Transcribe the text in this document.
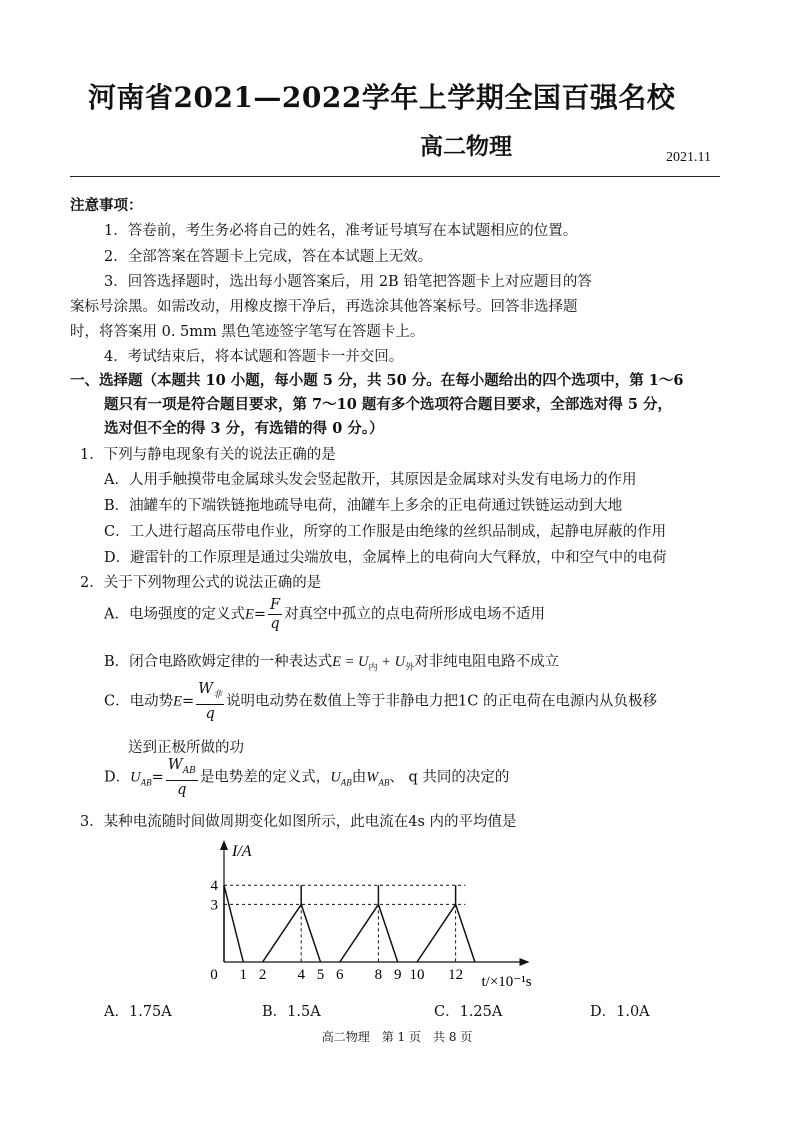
河南省2021—2022学年上学期全国百强名校
高二物理	2021.11
注意事项：
1．答卷前，考生务必将自己的姓名，准考证号填写在本试题相应的位置。
2．全部答案在答题卡上完成，答在本试题上无效。
3．回答选择题时，选出每小题答案后，用 2B 铅笔把答题卡上对应题目的答
案标号涂黑。如需改动，用橡皮擦干净后，再选涂其他答案标号。回答非选择题
时，将答案用 0. 5mm 黑色笔迹签字笔写在答题卡上。
4．考试结束后，将本试题和答题卡一并交回。
一、选择题（本题共 10 小题，每小题 5 分，共 50 分。在每小题给出的四个选项中，第 1～6
题只有一项是符合题目要求，第 7～10 题有多个选项符合题目要求，全部选对得 5 分，
选对但不全的得 3 分，有选错的得 0 分。）
1．下列与静电现象有关的说法正确的是
A．人用手触摸带电金属球头发会竖起散开，其原因是金属球对头发有电场力的作用
B．油罐车的下端铁链拖地疏导电荷，油罐车上多余的正电荷通过铁链运动到大地
C．工人进行超高压带电作业，所穿的工作服是由绝缘的丝织品制成，起静电屏蔽的作用
D．避雷针的工作原理是通过尖端放电，金属棒上的电荷向大气释放，中和空气中的电荷
2．关于下列物理公式的说法正确的是
A．电场强度的定义式$E= \frac{F}{q}$ 对真空中孤立的点电荷所形成电场不适用
B．闭合电路欧姆定律的一种表达式$E = U_内 + U_外$对非纯电阻电路不成立
C．电动势$E= \frac{W_非}{q}$ 说明电动势在数值上等于非静电力把1C 的正电荷在电源内从负极移
送到正极所做的功
D．$U_{AB}= \frac{W_{AB}}{q}$ 是电势差的定义式，$U_{AB}$由$W_{AB}$、 q 共同的决定的
3．某种电流随时间做周期变化如图所示，此电流在4s 内的平均值是
0 1 2 4 5 6 8 9 10 12
3
4
I/A
t/×10⁻¹s
A．1.75A	B．1.5A	C．1.25A	D．1.0A
高二物理　第 1 页　共 8 页
